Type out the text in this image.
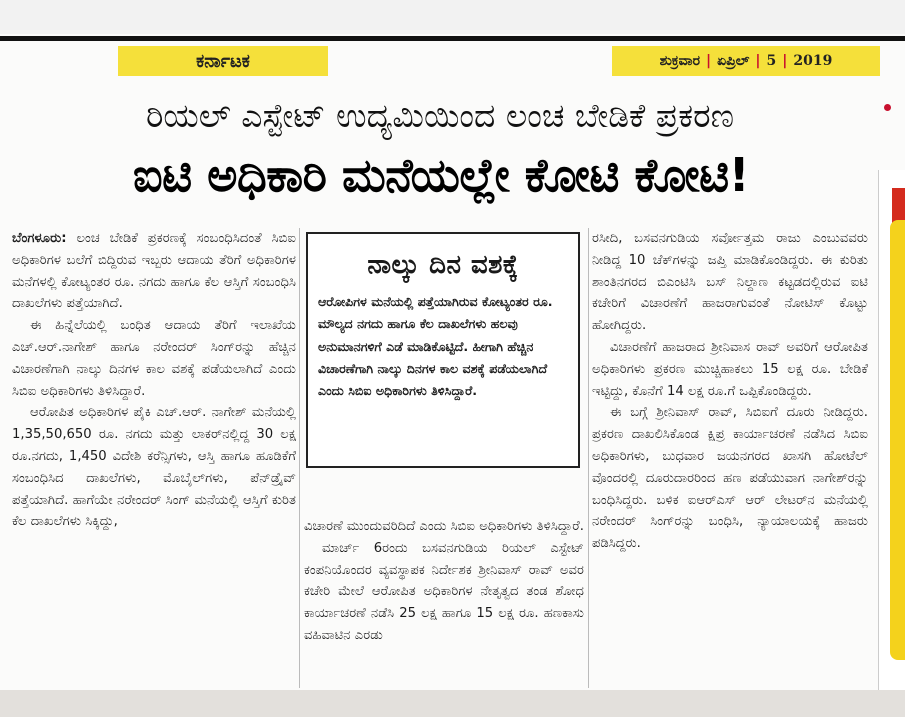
ಕರ್ನಾಟಕ	ಶುಕ್ರವಾರ | ಏಪ್ರಿಲ್ | 5 | 2019
ರಿಯಲ್ ಎಸ್ಟೇಟ್ ಉದ್ಯಮಿಯಿಂದ ಲಂಚ ಬೇಡಿಕೆ ಪ್ರಕರಣ
ಐಟಿ ಅಧಿಕಾರಿ ಮನೆಯಲ್ಲೇ ಕೋಟಿ ಕೋಟಿ!

ಬೆಂಗಳೂರು: ಲಂಚ ಬೇಡಿಕೆ ಪ್ರಕರಣಕ್ಕೆ ಸಂಬಂಧಿಸಿದಂತೆ ಸಿಬಿಐ ಅಧಿಕಾರಿಗಳ ಬಲೆಗೆ ಬಿದ್ದಿರುವ ಇಬ್ಬರು ಆದಾಯ ತೆರಿಗೆ ಅಧಿಕಾರಿಗಳ ಮನೆಗಳಲ್ಲಿ ಕೋಟ್ಯಂತರ ರೂ. ನಗದು ಹಾಗೂ ಕೆಲ ಆಸ್ತಿಗೆ ಸಂಬಂಧಿಸಿ ದಾಖಲೆಗಳು ಪತ್ತೆಯಾಗಿದೆ.

ಈ ಹಿನ್ನೆಲೆಯಲ್ಲಿ ಬಂಧಿತ ಆದಾಯ ತೆರಿಗೆ ಇಲಾಖೆಯ ಎಚ್.ಆರ್.ನಾಗೇಶ್ ಹಾಗೂ ನರೇಂದರ್ ಸಿಂಗ್‌ರನ್ನು ಹೆಚ್ಚಿನ ವಿಚಾರಣೆಗಾಗಿ ನಾಲ್ಕು ದಿನಗಳ ಕಾಲ ವಶಕ್ಕೆ ಪಡೆಯಲಾಗಿದೆ ಎಂದು ಸಿಬಿಐ ಅಧಿಕಾರಿಗಳು ತಿಳಿಸಿದ್ದಾರೆ.

ಆರೋಪಿತ ಅಧಿಕಾರಿಗಳ ಪೈಕಿ ಎಚ್.ಆರ್. ನಾಗೇಶ್ ಮನೆಯಲ್ಲಿ 1,35,50,650 ರೂ. ನಗದು ಮತ್ತು ಲಾಕರ್‌ನಲ್ಲಿದ್ದ 30 ಲಕ್ಷ ರೂ.ನಗದು, 1,450 ವಿದೇಶಿ ಕರೆನ್ಸಿಗಳು, ಆಸ್ತಿ ಹಾಗೂ ಹೂಡಿಕೆಗೆ ಸಂಬಂಧಿಸಿದ ದಾಖಲೆಗಳು, ಮೊಬೈಲ್‌ಗಳು, ಪೆನ್‌ಡ್ರೈವ್ ಪತ್ತೆಯಾಗಿದೆ. ಹಾಗೆಯೇ ನರೇಂದರ್ ಸಿಂಗ್ ಮನೆಯಲ್ಲಿ ಆಸ್ತಿಗೆ ಕುರಿತ ಕೆಲ ದಾಖಲೆಗಳು ಸಿಕ್ಕಿದ್ದು,

ನಾಲ್ಕು ದಿನ ವಶಕ್ಕೆ
ಆರೋಪಿಗಳ ಮನೆಯಲ್ಲಿ ಪತ್ತೆಯಾಗಿರುವ ಕೋಟ್ಯಂತರ ರೂ. ಮೌಲ್ಯದ ನಗದು ಹಾಗೂ ಕೆಲ ದಾಖಲೆಗಳು ಹಲವು ಅನುಮಾನಗಳಿಗೆ ಎಡೆ ಮಾಡಿಕೊಟ್ಟಿದೆ. ಹೀಗಾಗಿ ಹೆಚ್ಚಿನ ವಿಚಾರಣೆಗಾಗಿ ನಾಲ್ಕು ದಿನಗಳ ಕಾಲ ವಶಕ್ಕೆ ಪಡೆಯಲಾಗಿದೆ ಎಂದು ಸಿಬಿಐ ಅಧಿಕಾರಿಗಳು ತಿಳಿಸಿದ್ದಾರೆ.

ವಿಚಾರಣೆ ಮುಂದುವರಿದಿದೆ ಎಂದು ಸಿಬಿಐ ಅಧಿಕಾರಿಗಳು ತಿಳಿಸಿದ್ದಾರೆ.

ಮಾರ್ಚ್ 6ರಂದು ಬಸವನಗುಡಿಯ ರಿಯಲ್ ಎಸ್ಟೇಟ್ ಕಂಪನಿಯೊಂದರ ವ್ಯವಸ್ಥಾಪಕ ನಿರ್ದೇಶಕ ಶ್ರೀನಿವಾಸ್ ರಾವ್ ಅವರ ಕಚೇರಿ ಮೇಲೆ ಆರೋಪಿತ ಅಧಿಕಾರಿಗಳ ನೇತೃತ್ವದ ತಂಡ ಶೋಧ ಕಾರ್ಯಾಚರಣೆ ನಡೆಸಿ 25 ಲಕ್ಷ ಹಾಗೂ 15 ಲಕ್ಷ ರೂ. ಹಣಕಾಸು ವಹಿವಾಟಿನ ಎರಡು

ರಸೀದಿ, ಬಸವನಗುಡಿಯ ಸರ್ವೋತ್ತಮ ರಾಜು ಎಂಬುವವರು ನೀಡಿದ್ದ 10 ಚೆಕ್‌ಗಳನ್ನು ಜಪ್ತಿ ಮಾಡಿಕೊಂಡಿದ್ದರು. ಈ ಕುರಿತು ಶಾಂತಿನಗರದ ಬಿಎಂಟಿಸಿ ಬಸ್ ನಿಲ್ದಾಣ ಕಟ್ಟಡದಲ್ಲಿರುವ ಐಟಿ ಕಚೇರಿಗೆ ವಿಚಾರಣೆಗೆ ಹಾಜರಾಗುವಂತೆ ನೋಟಿಸ್ ಕೊಟ್ಟು ಹೋಗಿದ್ದರು.

ವಿಚಾರಣೆಗೆ ಹಾಜರಾದ ಶ್ರೀನಿವಾಸ ರಾವ್ ಅವರಿಗೆ ಆರೋಪಿತ ಅಧಿಕಾರಿಗಳು ಪ್ರಕರಣ ಮುಚ್ಚಿಹಾಕಲು 15 ಲಕ್ಷ ರೂ. ಬೇಡಿಕೆ ಇಟ್ಟಿದ್ದು, ಕೊನೆಗೆ 14 ಲಕ್ಷ ರೂ.ಗೆ ಒಪ್ಪಿಕೊಂಡಿದ್ದರು.

ಈ ಬಗ್ಗೆ ಶ್ರೀನಿವಾಸ್ ರಾವ್, ಸಿಬಿಐಗೆ ದೂರು ನೀಡಿದ್ದರು. ಪ್ರಕರಣ ದಾಖಲಿಸಿಕೊಂಡ ಕ್ಷಿಪ್ರ ಕಾರ್ಯಾಚರಣೆ ನಡೆಸಿದ ಸಿಬಿಐ ಅಧಿಕಾರಿಗಳು, ಬುಧವಾರ ಜಯನಗರದ ಖಾಸಗಿ ಹೋಟೆಲ್ ವೊಂದರಲ್ಲಿ ದೂರುದಾರರಿಂದ ಹಣ ಪಡೆಯುವಾಗ ನಾಗೇಶ್‌ರನ್ನು ಬಂಧಿಸಿದ್ದರು. ಬಳಿಕ ಐಆರ್‌ಎಸ್ ಆರ್ ಲೇಟರ್‌ನ ಮನೆಯಲ್ಲಿ ನರೇಂದರ್ ಸಿಂಗ್‌ರನ್ನು ಬಂಧಿಸಿ, ನ್ಯಾಯಾಲಯಕ್ಕೆ ಹಾಜರು ಪಡಿಸಿದ್ದರು.
